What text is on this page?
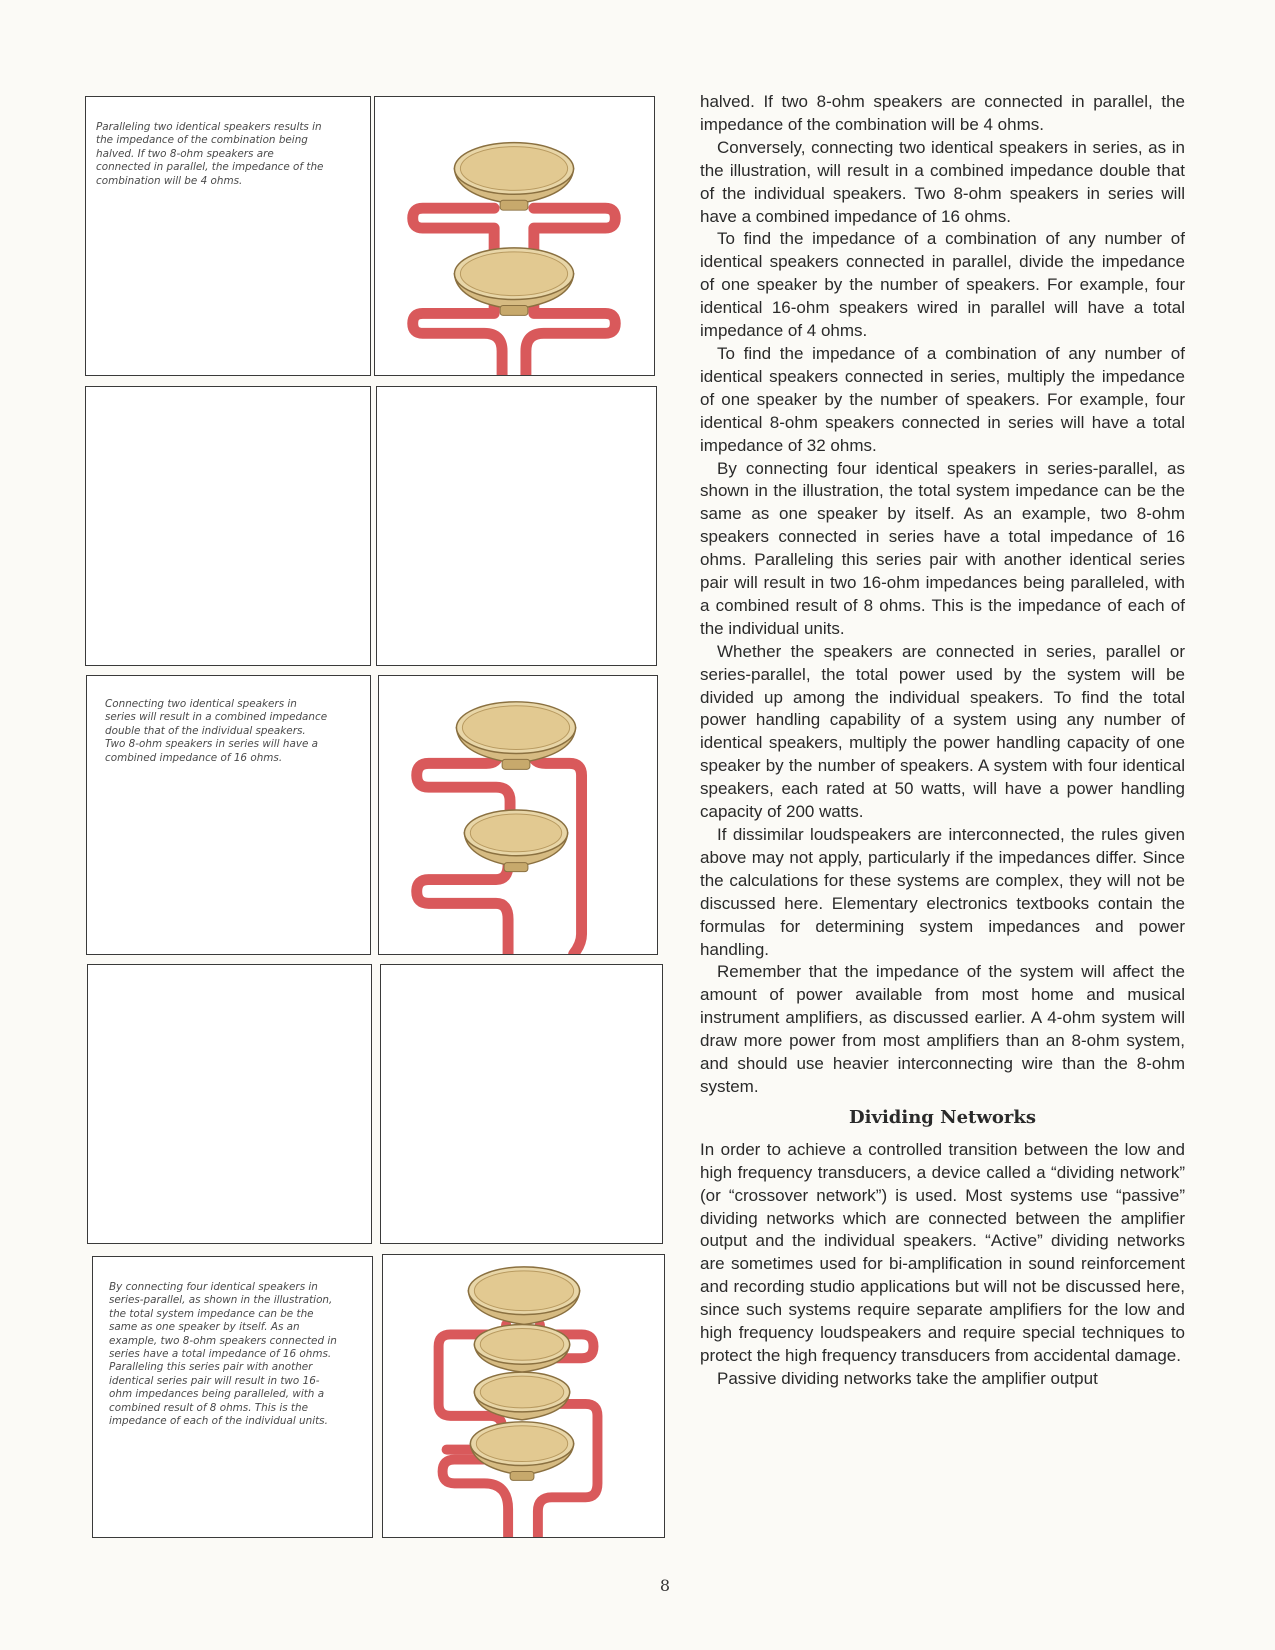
Paralleling two identical speakers results in the impedance of the combination being halved. If two 8-ohm speakers are connected in parallel, the impedance of the combination will be 4 ohms.
Connecting two identical speakers in series will result in a combined impedance double that of the individual speakers. Two 8-ohm speakers in series will have a combined impedance of 16 ohms.
By connecting four identical speakers in series-parallel, as shown in the illustration, the total system impedance can be the same as one speaker by itself. As an example, two 8-ohm speakers connected in series have a total impedance of 16 ohms. Paralleling this series pair with another identical series pair will result in two 16-ohm impedances being paralleled, with a combined result of 8 ohms. This is the impedance of each of the individual units.

halved. If two 8-ohm speakers are connected in parallel, the impedance of the combination will be 4 ohms.

Conversely, connecting two identical speakers in series, as in the illustration, will result in a combined impedance double that of the individual speakers. Two 8-ohm speakers in series will have a combined impedance of 16 ohms.

To find the impedance of a combination of any number of identical speakers connected in parallel, divide the impedance of one speaker by the number of speakers. For example, four identical 16-ohm speakers wired in parallel will have a total impedance of 4 ohms.

To find the impedance of a combination of any number of identical speakers connected in series, multiply the impedance of one speaker by the number of speakers. For example, four identical 8-ohm speakers connected in series will have a total impedance of 32 ohms.

By connecting four identical speakers in series-parallel, as shown in the illustration, the total system impedance can be the same as one speaker by itself. As an example, two 8-ohm speakers connected in series have a total impedance of 16 ohms. Paralleling this series pair with another identical series pair will result in two 16-ohm impedances being paralleled, with a combined result of 8 ohms. This is the impedance of each of the individual units.

Whether the speakers are connected in series, parallel or series-parallel, the total power used by the system will be divided up among the individual speakers. To find the total power handling capability of a system using any number of identical speakers, multiply the power handling capacity of one speaker by the number of speakers. A system with four identical speakers, each rated at 50 watts, will have a power handling capacity of 200 watts.

If dissimilar loudspeakers are interconnected, the rules given above may not apply, particularly if the impedances differ. Since the calculations for these systems are complex, they will not be discussed here. Elementary electronics textbooks contain the formulas for determining system impedances and power handling.

Remember that the impedance of the system will affect the amount of power available from most home and musical instrument amplifiers, as discussed earlier. A 4-ohm system will draw more power from most amplifiers than an 8-ohm system, and should use heavier interconnecting wire than the 8-ohm system.

Dividing Networks

In order to achieve a controlled transition between the low and high frequency transducers, a device called a “dividing network” (or “crossover network”) is used. Most systems use “passive” dividing networks which are connected between the amplifier output and the individual speakers. “Active” dividing networks are sometimes used for bi-amplification in sound reinforcement and recording studio applications but will not be discussed here, since such systems require separate amplifiers for the low and high frequency loudspeakers and require special techniques to protect the high frequency transducers from accidental damage.

Passive dividing networks take the amplifier output

8
